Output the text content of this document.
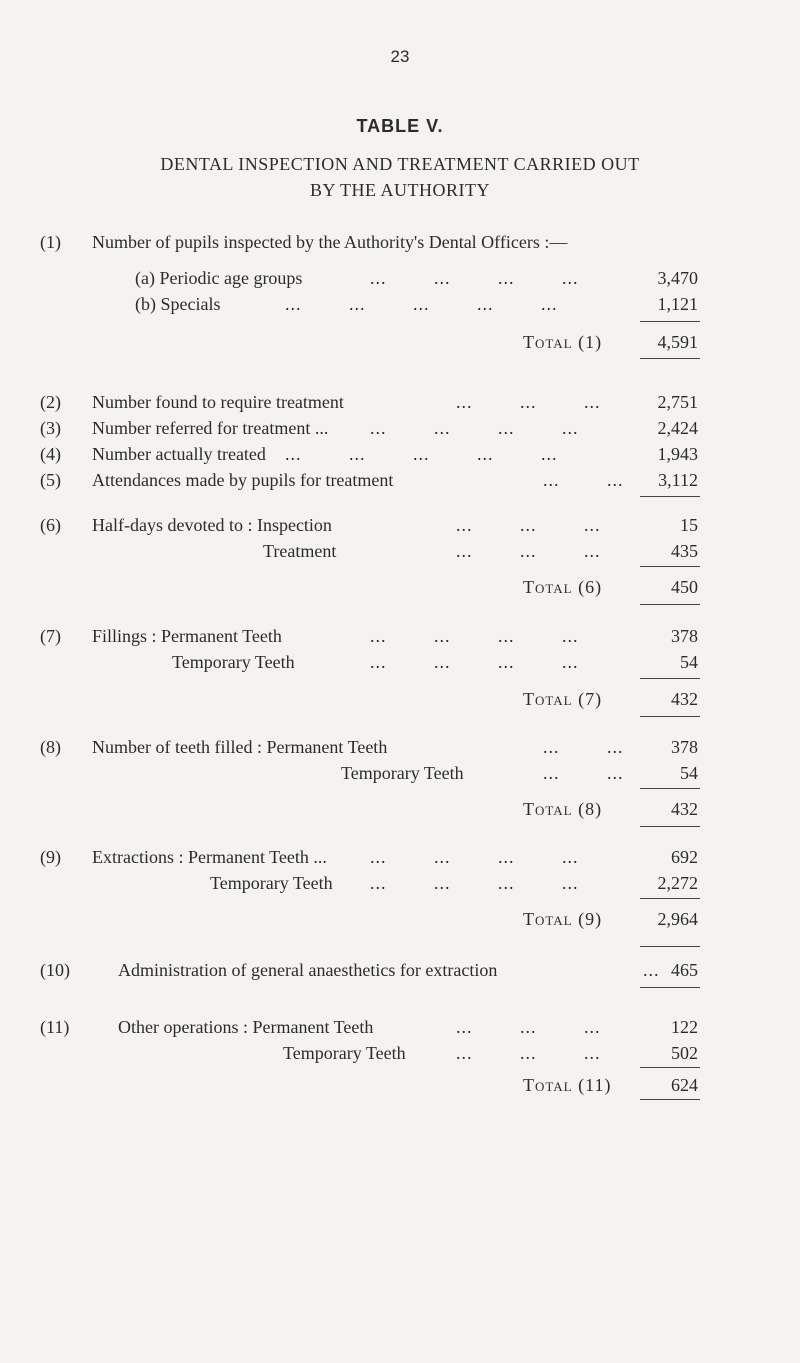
23
TABLE V.
DENTAL INSPECTION AND TREATMENT CARRIED OUT
BY THE AUTHORITY
(1)	Number of pupils inspected by the Authority's Dental Officers :—
(a) Periodic age groups	...	...	...	...	3,470
(b) Specials	...	...	...	...	...	1,121
Total (1)	4,591
(2)	Number found to require treatment	...	...	...	2,751
(3)	Number referred for treatment ... ...	...	...	...	2,424
(4)	Number actually treated ...	...	...	...	...	1,943
(5)	Attendances made by pupils for treatment	...	... 3,112
(6)	Half-days devoted to : Inspection	...	...	...	15
Treatment	...	...	...	435
Total (6)	450
(7)	Fillings : Permanent Teeth	...	...	...	...	378
Temporary Teeth	...	...	...	...	54
Total (7)	432
(8)	Number of teeth filled : Permanent Teeth	...	...	378
Temporary Teeth	...	...	54
Total (8)	432
(9)	Extractions : Permanent Teeth ... ...	...	...	...	692
Temporary Teeth ...	...	...	...	2,272
Total (9)	2,964
(10)	Administration of general anaesthetics for extraction	... 465
(11)	Other operations : Permanent Teeth	...	...	...	122
Temporary Teeth	...	...	...	502
Total (11)	624
